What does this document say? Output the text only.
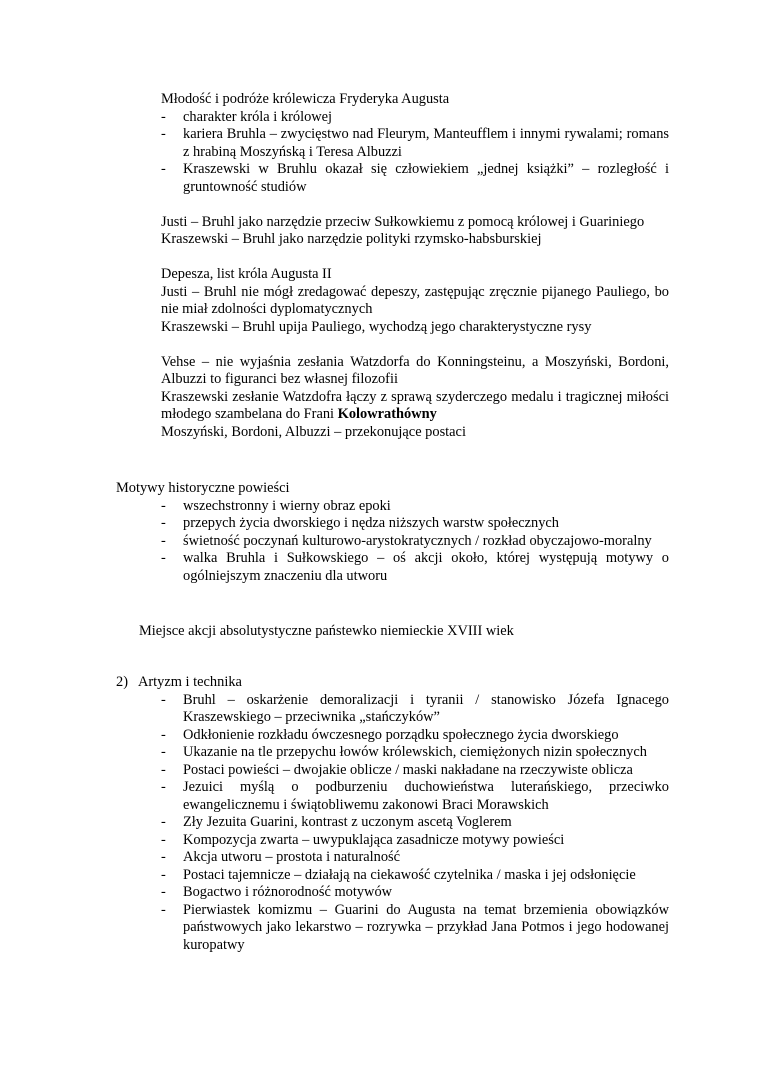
Młodość i podróże królewicza Fryderyka Augusta

- charakter króla i królowej

- kariera Bruhla – zwycięstwo nad Fleurym, Manteufflem i innymi rywalami; romans z hrabiną Moszyńską i Teresa Albuzzi

- Kraszewski w Bruhlu okazał się człowiekiem „jednej książki” – rozległość i gruntowność studiów

Justi – Bruhl jako narzędzie przeciw Sułkowkiemu z pomocą królowej i Guariniego

Kraszewski – Bruhl jako narzędzie polityki rzymsko-habsburskiej

Depesza, list króla Augusta II

Justi – Bruhl nie mógł zredagować depeszy, zastępując zręcznie pijanego Pauliego, bo nie miał zdolności dyplomatycznych

Kraszewski – Bruhl upija Pauliego, wychodzą jego charakterystyczne rysy

Vehse – nie wyjaśnia zesłania Watzdorfa do Konningsteinu, a Moszyński, Bordoni, Albuzzi to figuranci bez własnej filozofii

Kraszewski zesłanie Watzdofra łączy z sprawą szyderczego medalu i tragicznej miłości młodego szambelana do Frani Kolowrathówny

Moszyński, Bordoni, Albuzzi – przekonujące postaci

Motywy historyczne powieści

- wszechstronny i wierny obraz epoki

- przepych życia dworskiego i nędza niższych warstw społecznych

- świetność poczynań kulturowo-arystokratycznych / rozkład obyczajowo-moralny

- walka Bruhla i Sułkowskiego – oś akcji około, której występują motywy o ogólniejszym znaczeniu dla utworu

Miejsce akcji absolutystyczne państewko niemieckie XVIII wiek

2) Artyzm i technika

- Bruhl – oskarżenie demoralizacji i tyranii / stanowisko Józefa Ignacego Kraszewskiego – przeciwnika „stańczyków”

- Odkłonienie rozkładu ówczesnego porządku społecznego życia dworskiego

- Ukazanie na tle przepychu łowów królewskich, ciemiężonych nizin społecznych

- Postaci powieści – dwojakie oblicze / maski nakładane na rzeczywiste oblicza

- Jezuici myślą o podburzeniu duchowieństwa luterańskiego, przeciwko ewangelicznemu i świątobliwemu zakonowi Braci Morawskich

- Zły Jezuita Guarini, kontrast z uczonym ascetą Voglerem

- Kompozycja zwarta – uwypuklająca zasadnicze motywy powieści

- Akcja utworu – prostota i naturalność

- Postaci tajemnicze – działają na ciekawość czytelnika / maska i jej odsłonięcie

- Bogactwo i różnorodność motywów

- Pierwiastek komizmu – Guarini do Augusta na temat brzemienia obowiązków państwowych jako lekarstwo – rozrywka – przykład Jana Potmos i jego hodowanej kuropatwy
